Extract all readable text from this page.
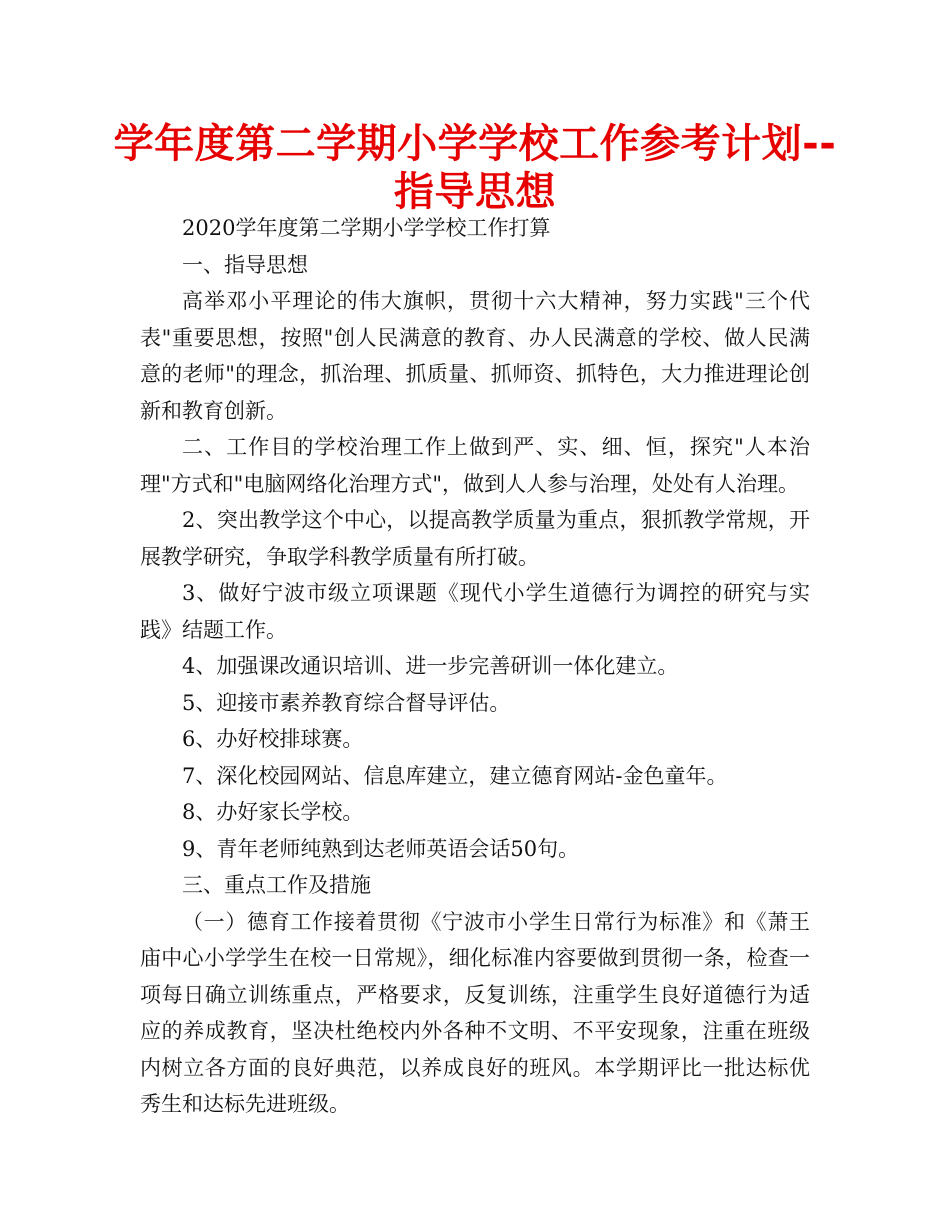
学年度第二学期小学学校工作参考计划--
指导思想

2020学年度第二学期小学学校工作打算

一、指导思想

高举邓小平理论的伟大旗帜，贯彻十六大精神，努力实践"三个代表"重要思想，按照"创人民满意的教育、办人民满意的学校、做人民满意的老师"的理念，抓治理、抓质量、抓师资、抓特色，大力推进理论创新和教育创新。

二、工作目的学校治理工作上做到严、实、细、恒，探究"人本治理"方式和"电脑网络化治理方式"，做到人人参与治理，处处有人治理。

2、突出教学这个中心，以提高教学质量为重点，狠抓教学常规，开展教学研究，争取学科教学质量有所打破。

3、做好宁波市级立项课题《现代小学生道德行为调控的研究与实践》结题工作。

4、加强课改通识培训、进一步完善研训一体化建立。

5、迎接市素养教育综合督导评估。

6、办好校排球赛。

7、深化校园网站、信息库建立，建立德育网站-金色童年。

8、办好家长学校。

9、青年老师纯熟到达老师英语会话50句。

三、重点工作及措施

（一）德育工作接着贯彻《宁波市小学生日常行为标准》和《萧王庙中心小学学生在校一日常规》，细化标准内容要做到贯彻一条，检查一项每日确立训练重点，严格要求，反复训练，注重学生良好道德行为适应的养成教育，坚决杜绝校内外各种不文明、不平安现象，注重在班级内树立各方面的良好典范，以养成良好的班风。本学期评比一批达标优秀生和达标先进班级。
